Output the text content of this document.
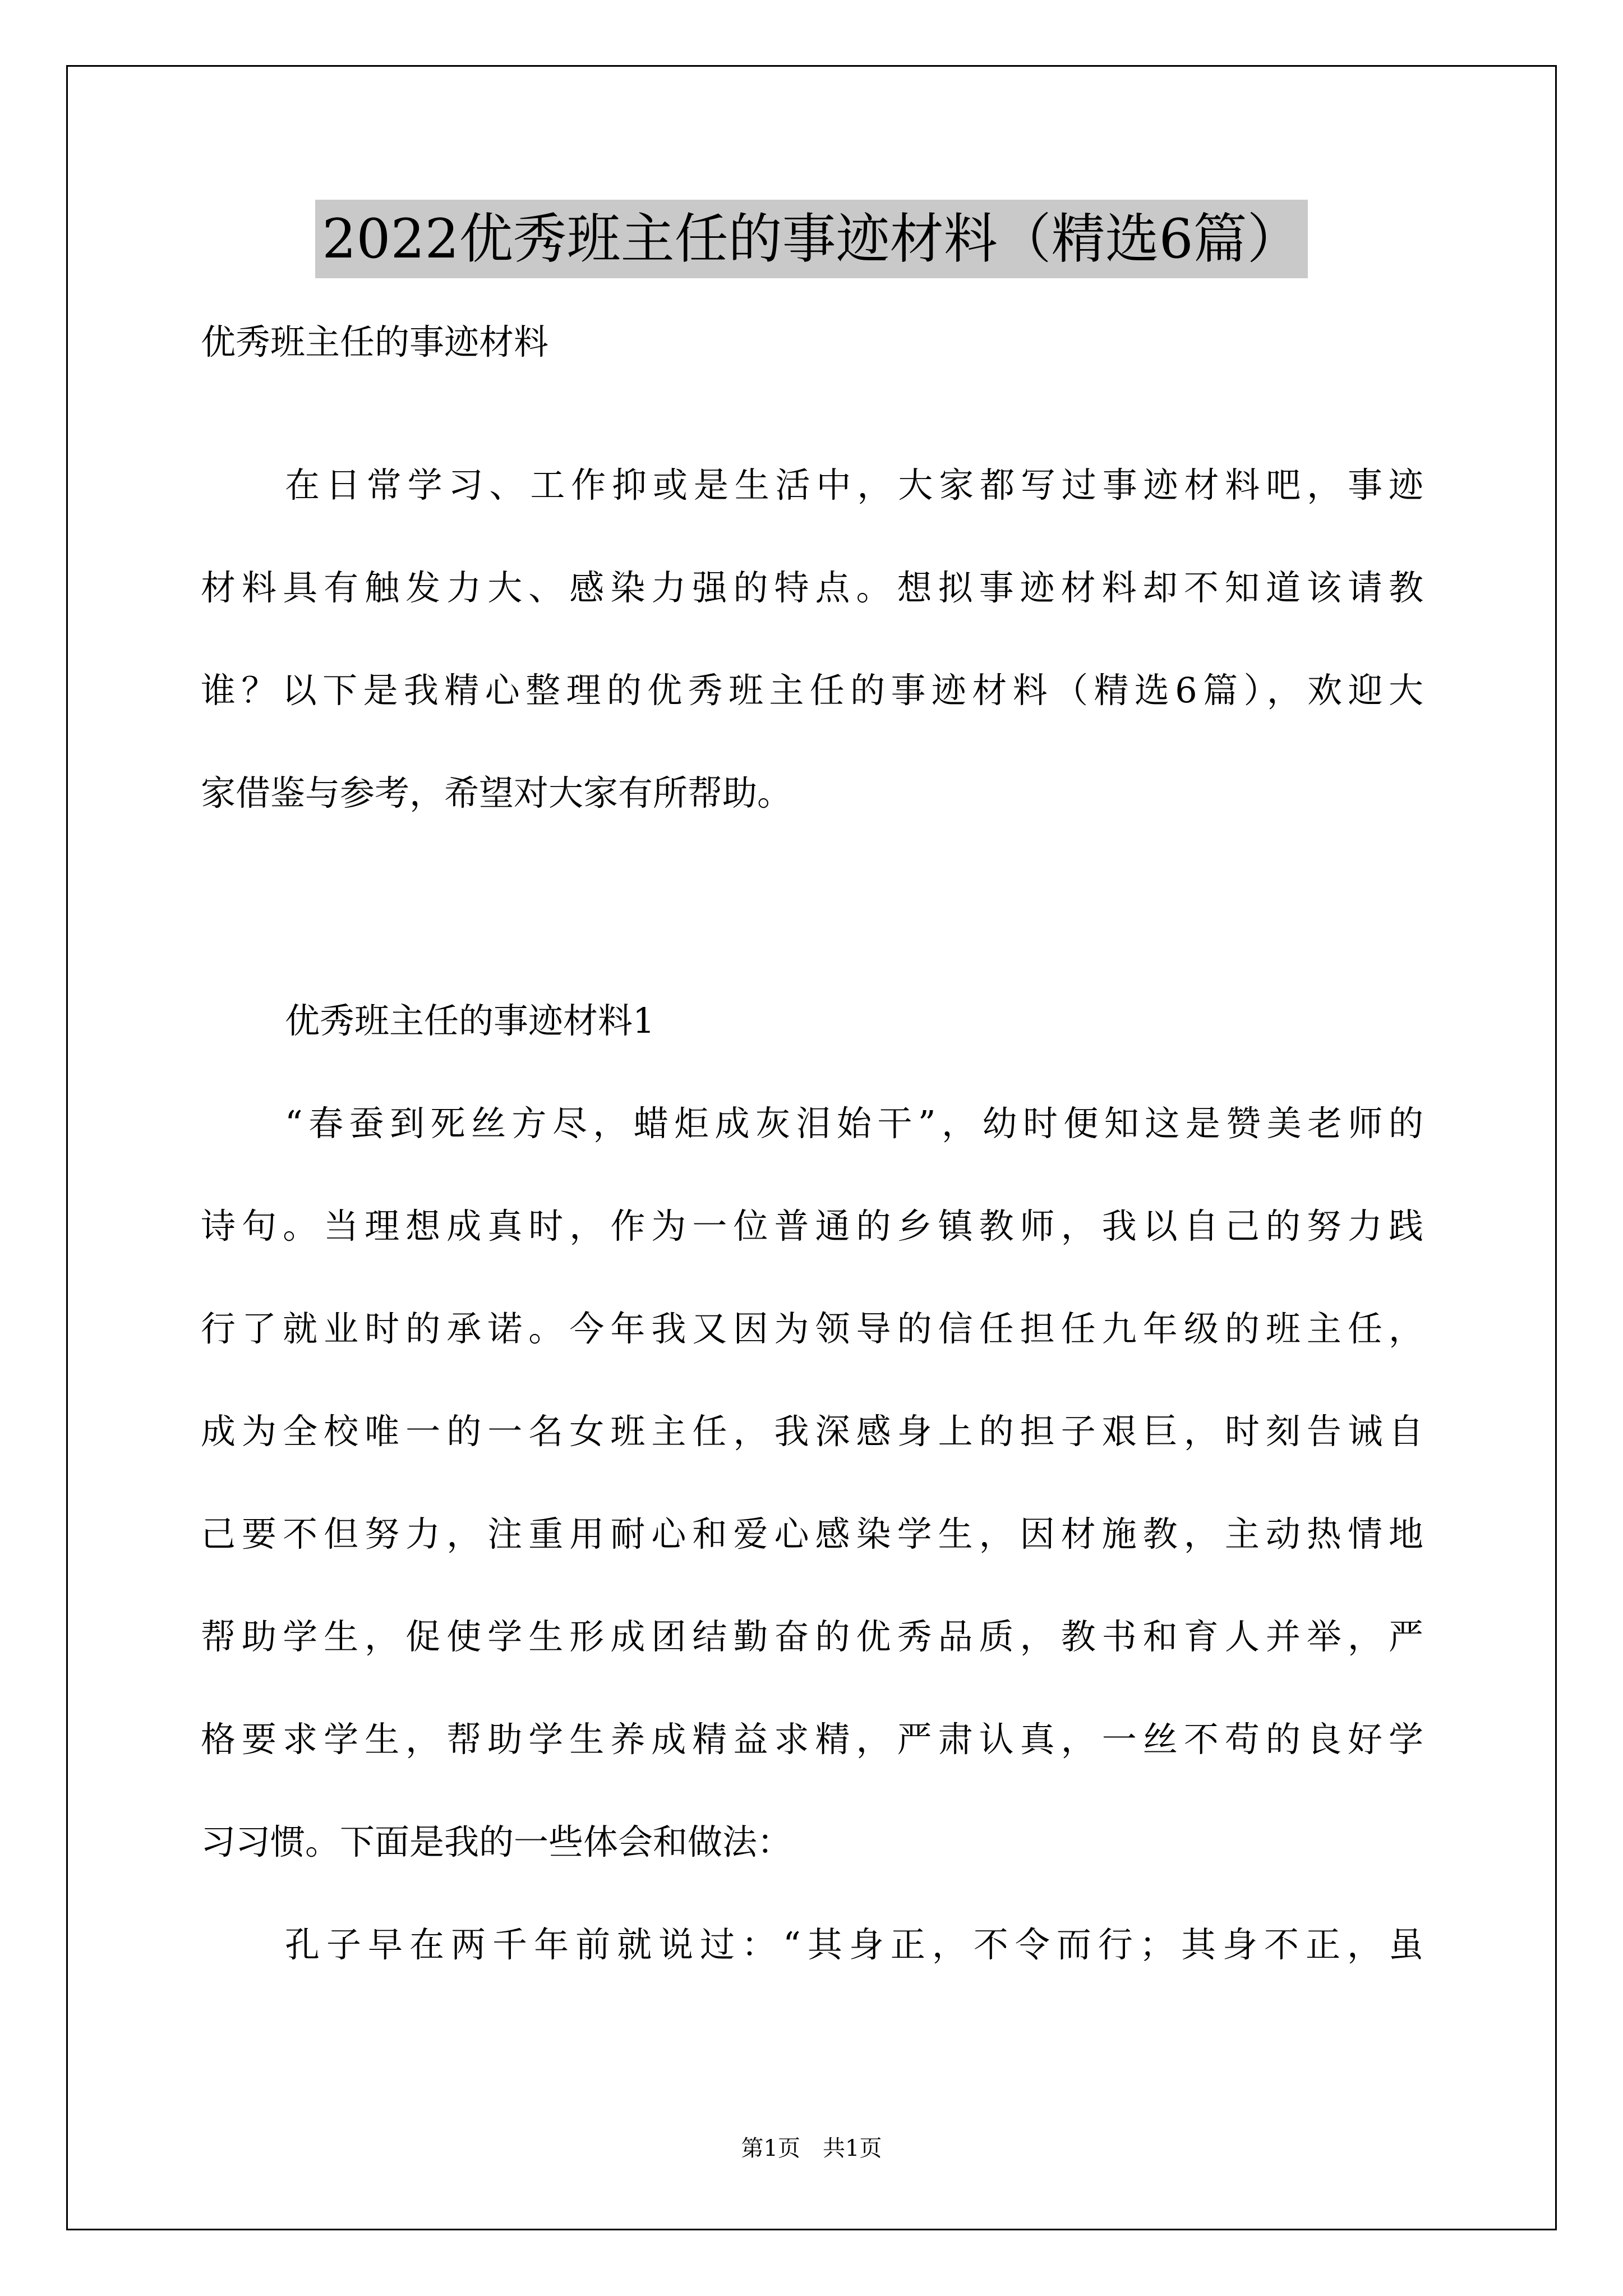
2022优秀班主任的事迹材料（精选6篇）
优秀班主任的事迹材料
在日常学习、工作抑或是生活中，大家都写过事迹材料吧，事迹
材料具有触发力大、感染力强的特点。想拟事迹材料却不知道该请教
谁？以下是我精心整理的优秀班主任的事迹材料（精选6篇），欢迎大
家借鉴与参考，希望对大家有所帮助。
优秀班主任的事迹材料1
“春蚕到死丝方尽，蜡炬成灰泪始干”，幼时便知这是赞美老师的
诗句。当理想成真时，作为一位普通的乡镇教师，我以自己的努力践
行了就业时的承诺。今年我又因为领导的信任担任九年级的班主任，
成为全校唯一的一名女班主任，我深感身上的担子艰巨，时刻告诫自
己要不但努力，注重用耐心和爱心感染学生，因材施教，主动热情地
帮助学生，促使学生形成团结勤奋的优秀品质，教书和育人并举，严
格要求学生，帮助学生养成精益求精，严肃认真，一丝不苟的良好学
习习惯。下面是我的一些体会和做法：
孔子早在两千年前就说过：“其身正，不令而行；其身不正，虽
第1页　共1页
